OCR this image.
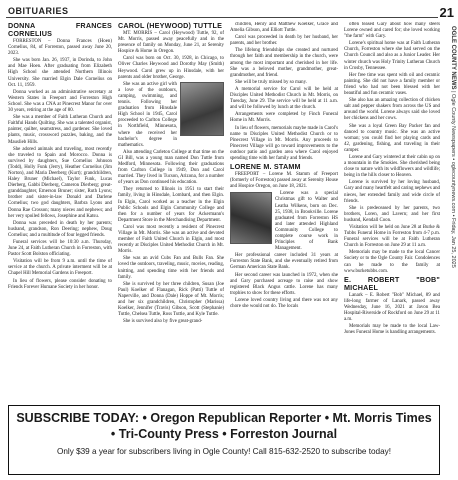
OBITUARIES	21
OGLE COUNTY NEWS | Ogle County Newspapers • oglecountynews.com • Friday, Jan 25, 2025

DONNA FRANCES CORNELIUS

FORRESTON – Donna Frances (Hoen) Cornelius, 84, of Forreston, passed away June 20, 2023.

She was born Jan. 26, 1937, in Dorinda, to John and Mae Hoen. After graduating from Elizabeth High School she attended Northern Illinois University. She married Elgin Dale Cornelius on Oct. 11, 1959.

Donna worked as an administrative secretary at Western States in Freeport and Forreston High School. She was a CNA at Pinecrest Manor for over 30 years, retiring at the age of 80.

She was a member of Faith Lutheran Church and Faithful Hands Quilting. She was a talented organist, painter, quilter, seamstress, and gardener. She loved plants, music, crossword puzzles, baking, and the Mauslieb Hills.

She adored animals and traveling, most recently she traveled to Spain and Morocco. Donna is survived by daughters, Sue Cornelius Johnson (Todd), Holly Funk (Jerry), Heather Cornelius (Jim Norton), and Maria Deerberg (Kurt); grandchildren, Haley Bruner (Michael), Taylor Funk, Lucas Dierberg, Gabbi Dierberg, Cameron Dierberg; great-granddaughter, Emerson Bruner; sister, Ruth Lyons; brother and sister-in-law Donald and Darlene Cornelius; two god daughters, Barbra Lyons and Donna Rae Crosson; many nieces and nephews; and her very spoiled fellows, Josephine and Katsu.

Donna was preceded in death by her parents; husband, grandson, Ron Deering; nephew, Doug Cornelius; and a multitude of four legged friends.

Funeral services will be 10:30 a.m. Thursday, June 24, at Faith Lutheran Church in Forreston, with Pastor Scott Bolston officiating.

Visitation will be from 9 a.m. until the time of service at the church. A private interment will be at Chapel Hill Memorial Gardens in Freeport.

In lieu of flowers, please consider donating to Friends Forever Humane Society in her honor.

CAROL (HEYWOOD) TUTTLE

MT. MORRIS – Carol (Heywood) Tuttle, 92, of Mt. Morris, passed away peacefully and in the presence of family on Monday, June 21, at Serenity Hospice & Home in Oregon.

Carol was born on Oct. 30, 1928, in Chicago, to Oliver Charles Heywood and Dorothy May (Smith) Heywood. Carol grew up in Hinsdale, with her parents and older brother, George.

She was an active girl with a love of the outdoors, camping, swimming, and tennis. Following her graduation from Hinsdale High School in 1945, Carol proceeded to Carlton College in Northfield, Minnesota, where she received her bachelor's degree in mathematics.

Also attending Carleton College at that time on the GI Bill, was a young man named Don Tuttle from Medford, Minnesota. Following their graduations from Carlton College in 1949, Don and Carol married. They lived in Tucson, Arizona, for a number of years as Don continued his education.

They returned to Illinois in 1951 to start their family, living in Hinsdale, Lombard, and then Elgin. In Elgin, Carol worked as a teacher in the Elgin Public Schools and Elgin Community College and then for a number of years for Ackermann's Department Store in the Merchandising Department.

Carol was most recently a resident of Pinecrest Village in Mt. Morris. She was an active and devoted member of Faith United Church in Elgin, and most recently at Disciples United Methodist Church in Mt. Morris.

She was an avid Cubs Fan and Bulls Fan. She loved the outdoors, traveling, music, movies, reading, knitting, and spending time with her friends and family.

She is survived by her three children, Susan (Joe Paul) Koelker of Flanagan, Rick (Patti) Tuttle of Naperville, and Donna (Dale) Hoppe of Mt. Morris; and her six grandchildren, Christopher (Marissa) Koelker, Jennifer (Travis) Gibson, Scott (Stephanie) Tuttle, Chelsea Tuttle, Ross Tuttle, and Kyle Tuttle.

She is survived also by five great-grand-

children, Henry and Matthew Koelker, Grace and Amelia Gibson, and Elliott Tuttle.

Carol was proceeded in death by her husband, her parents, and her brother.

The lifelong friendships she created and nurtured through her faith and membership in the church, were among the most important and cherished in her life. She was a beloved mother, grandmother, great-grandmother, and friend.

She will be truly missed by so many.

A memorial service for Carol will be held at Disciples United Methodist Church in Mt. Morris, on Tuesday, June 29. The service will be held at 11 a.m. and will be followed by lunch at the church.

Arrangements were completed by Finch Funeral Home in Mt. Morris.

In lieu of flowers, memorials maybe made in Carol's name to Disciples United Methodist Church or to Pinecrest Village in Mt. Morris. Any proceeds to Pinecrest Village will go toward improvements to the outdoor patio and garden area where Carol enjoyed spending time with her family and friends.

LORENE M. STAMM

FREEPORT – Lorene M. Stamm of Freeport (formerly of Forreston) passed away at Serenity House and Hospice Oregon, on June 18, 2021.

Lorene was a special Christmas gift to Walter and Leatha Wilkens, born on Dec. 25, 1938, in Brookville. Lorene graduated from Forreston HS and later attended Highland Community College to complete course work in Principles of Bank Management.

Her professional career included 31 years at Forreston State Bank, and she eventually retired from German American State Bank.

Her second career was launched in 1972, when she and Gary purchased acreage to raise and show registered Black Angus cattle. Lorene has many trophies to show for these efforts.

Lorene loved country living and there was not any chore she would not do. The locals

often teased Gary about how many steers Lorene owned and cared for; she loved working "the farm" with Gary.

Lorene's spiritual home was at Faith Lutheran Church, Forreston where she had served on the Church Council and also as a Junior Leader. Her winter church was Holy Trinity Lutheran Church in Crosby, Tennessee.

Her free time was spent with oil and ceramic painting. She did not have a family member or friend who had not been blessed with her beautiful and fun ceramic vases.

She also has an amazing collection of chicken salt and pepper shakers from across the US and around the world. Lorene always said she loved her chickens and her cows.

She was a loyal Green Bay Packer fan and danced to country music. She was an active woman; you could find her playing cards and 42, gardening, fishing, and traveling in their camper.

Lorene and Gary wintered at their cabin up on a mountain in the Smokies. She cherished being close to nature with its wildflowers and wildlife; being in the hills closer to Heaven.

Lorene is survived by her loving husband, Gary and many heartfelt and caring nephews and nieces, her extended family and wide circle of friends.

She is predeceased by her parents, two brothers, Loren, and Lavern; and her first husband, Kendall Coon.

Visitation will be held on June 28 at Burke & Tubbs Funeral Home in Forreston from 4-7 p.m. Funeral services will be at Faith Lutheran Church in Forreston on June 29 at 11 a.m.

Memorials may be made to the local Cancer Society or to the Ogle County Fair. Condolences can be made to the family at www.burketubbs.com.

E. ROBERT "BOB" MICHAEL

Lanark – E. Robert "Bob" Michael, 89 and life-long farmer of Lanark, passed away Wednesday, June 16, 2021 at Javon Bea Hospital-Riverside of Rockford on June 29 at 11 a.m.

Memorials may be made to the local Law-Jones Funeral Home is handling arrangements.

SUBSCRIBE TODAY: • Oregon Republican Reporter • Mt. Morris Times
• Tri-County Press • Forreston Journal
Only $39 a year for subscribers living in Ogle County! Call 815-632-2520 to subscribe today!
